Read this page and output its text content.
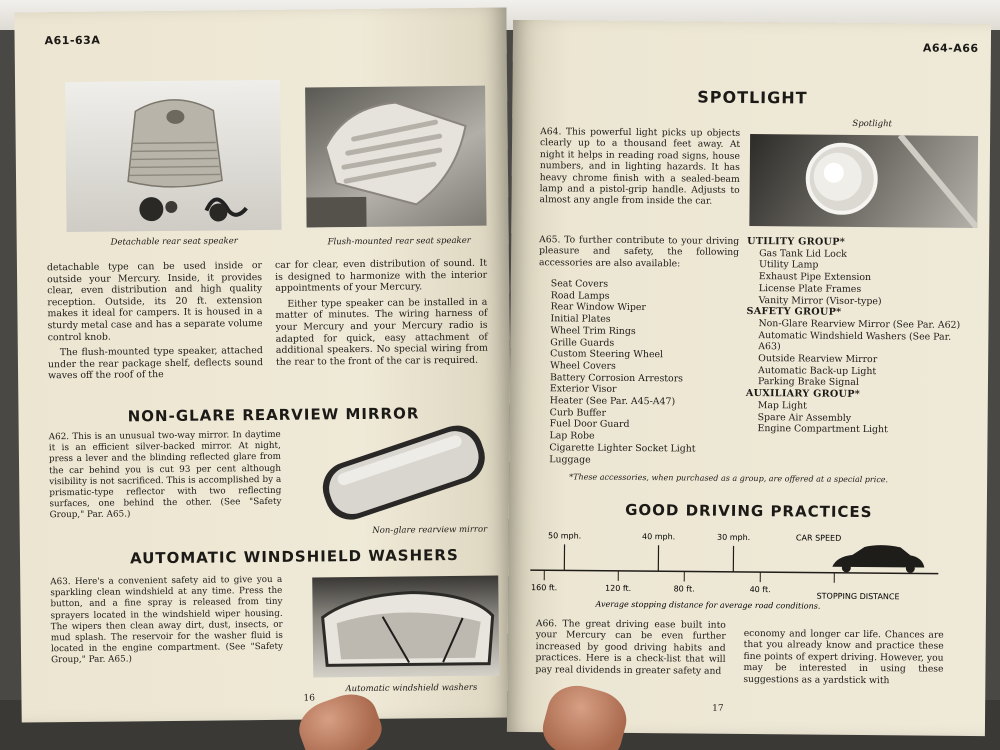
A61-63A
Detachable rear seat speaker	Flush-mounted rear seat speaker

detachable type can be used inside or outside your Mercury. Inside, it provides clear, even distribution and high quality reception. Outside, its 20 ft. extension makes it ideal for campers. It is housed in a sturdy metal case and has a separate volume control knob.

The flush-mounted type speaker, attached under the rear package shelf, deflects sound waves off the roof of the

car for clear, even distribution of sound. It is designed to harmonize with the interior appointments of your Mercury.

Either type speaker can be installed in a matter of minutes. The wiring harness of your Mercury and your Mercury radio is adapted for quick, easy attachment of additional speakers. No special wiring from the rear to the front of the car is required.

NON-GLARE REARVIEW MIRROR
A62. This is an unusual two-way mirror. In daytime it is an efficient silver-backed mirror. At night, press a lever and the blinding reflected glare from the car behind you is cut 93 per cent although visibility is not sacrificed. This is accomplished by a prismatic-type reflector with two reflecting surfaces, one behind the other. (See "Safety Group," Par. A65.)
Non-glare rearview mirror
AUTOMATIC WINDSHIELD WASHERS
A63. Here's a convenient safety aid to give you a sparkling clean windshield at any time. Press the button, and a fine spray is released from tiny sprayers located in the windshield wiper housing. The wipers then clean away dirt, dust, insects, or mud splash. The reservoir for the washer fluid is located in the engine compartment. (See "Safety Group," Par. A65.)
Automatic windshield washers
16
A64-A66
SPOTLIGHT
Spotlight
A64. This powerful light picks up objects clearly up to a thousand feet away. At night it helps in reading road signs, house numbers, and in lighting hazards. It has heavy chrome finish with a sealed-beam lamp and a pistol-grip handle. Adjusts to almost any angle from inside the car.
A65. To further contribute to your driving pleasure and safety, the following accessories are also available:
Seat Covers
Road Lamps
Rear Window Wiper
Initial Plates
Wheel Trim Rings
Grille Guards
Custom Steering Wheel
Wheel Covers
Battery Corrosion Arrestors
Exterior Visor
Heater (See Par. A45-A47)
Curb Buffer
Fuel Door Guard
Lap Robe
Cigarette Lighter Socket Light
Luggage
UTILITY GROUP*
Gas Tank Lid Lock
Utility Lamp
Exhaust Pipe Extension
License Plate Frames
Vanity Mirror (Visor-type)
SAFETY GROUP*
Non-Glare Rearview Mirror (See Par. A62)
Automatic Windshield Washers (See Par. A63)
Outside Rearview Mirror
Automatic Back-up Light
Parking Brake Signal
AUXILIARY GROUP*
Map Light
Spare Air Assembly
Engine Compartment Light
*These accessories, when purchased as a group, are offered at a special price.
GOOD DRIVING PRACTICES
50 mph.	40 mph.	30 mph.	CAR SPEED
160 ft.	120 ft.	80 ft.	40 ft.
STOPPING DISTANCE
Average stopping distance for average road conditions.
A66. The great driving ease built into your Mercury can be even further increased by good driving habits and practices. Here is a check-list that will pay real dividends in greater safety and
economy and longer car life. Chances are that you already know and practice these fine points of expert driving. However, you may be interested in using these suggestions as a yardstick with
17
